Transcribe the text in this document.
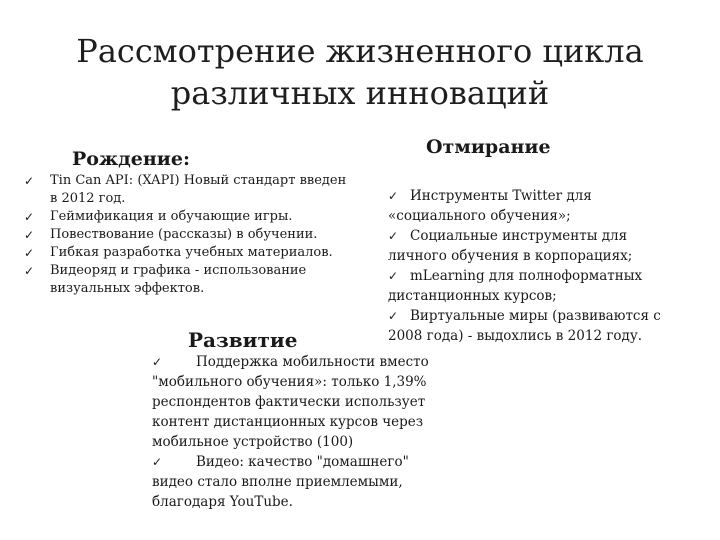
Рассмотрение жизненного цикла
различных инноваций
Рождение:
✓ Tin Can API: (XAPI) Новый стандарт введен в 2012 год.
✓ Геймификация и обучающие игры.
✓ Повествование (рассказы) в обучении.
✓ Гибкая разработка учебных материалов.
✓ Видеоряд и графика - использование визуальных эффектов.
Отмирание
✓ Инструменты Twitter для «социального обучения»;
✓ Социальные инструменты для личного обучения в корпорациях;
✓ mLearning для полноформатных дистанционных курсов;
✓ Виртуальные миры (развиваются с 2008 года) - выдохлись в 2012 году.
Развитие
✓	Поддержка мобильности вместо "мобильного обучения»: только 1,39% респондентов фактически использует контент дистанционных курсов через мобильное устройство (100)
✓	Видео: качество "домашнего" видео стало вполне приемлемыми, благодаря YouTube.
